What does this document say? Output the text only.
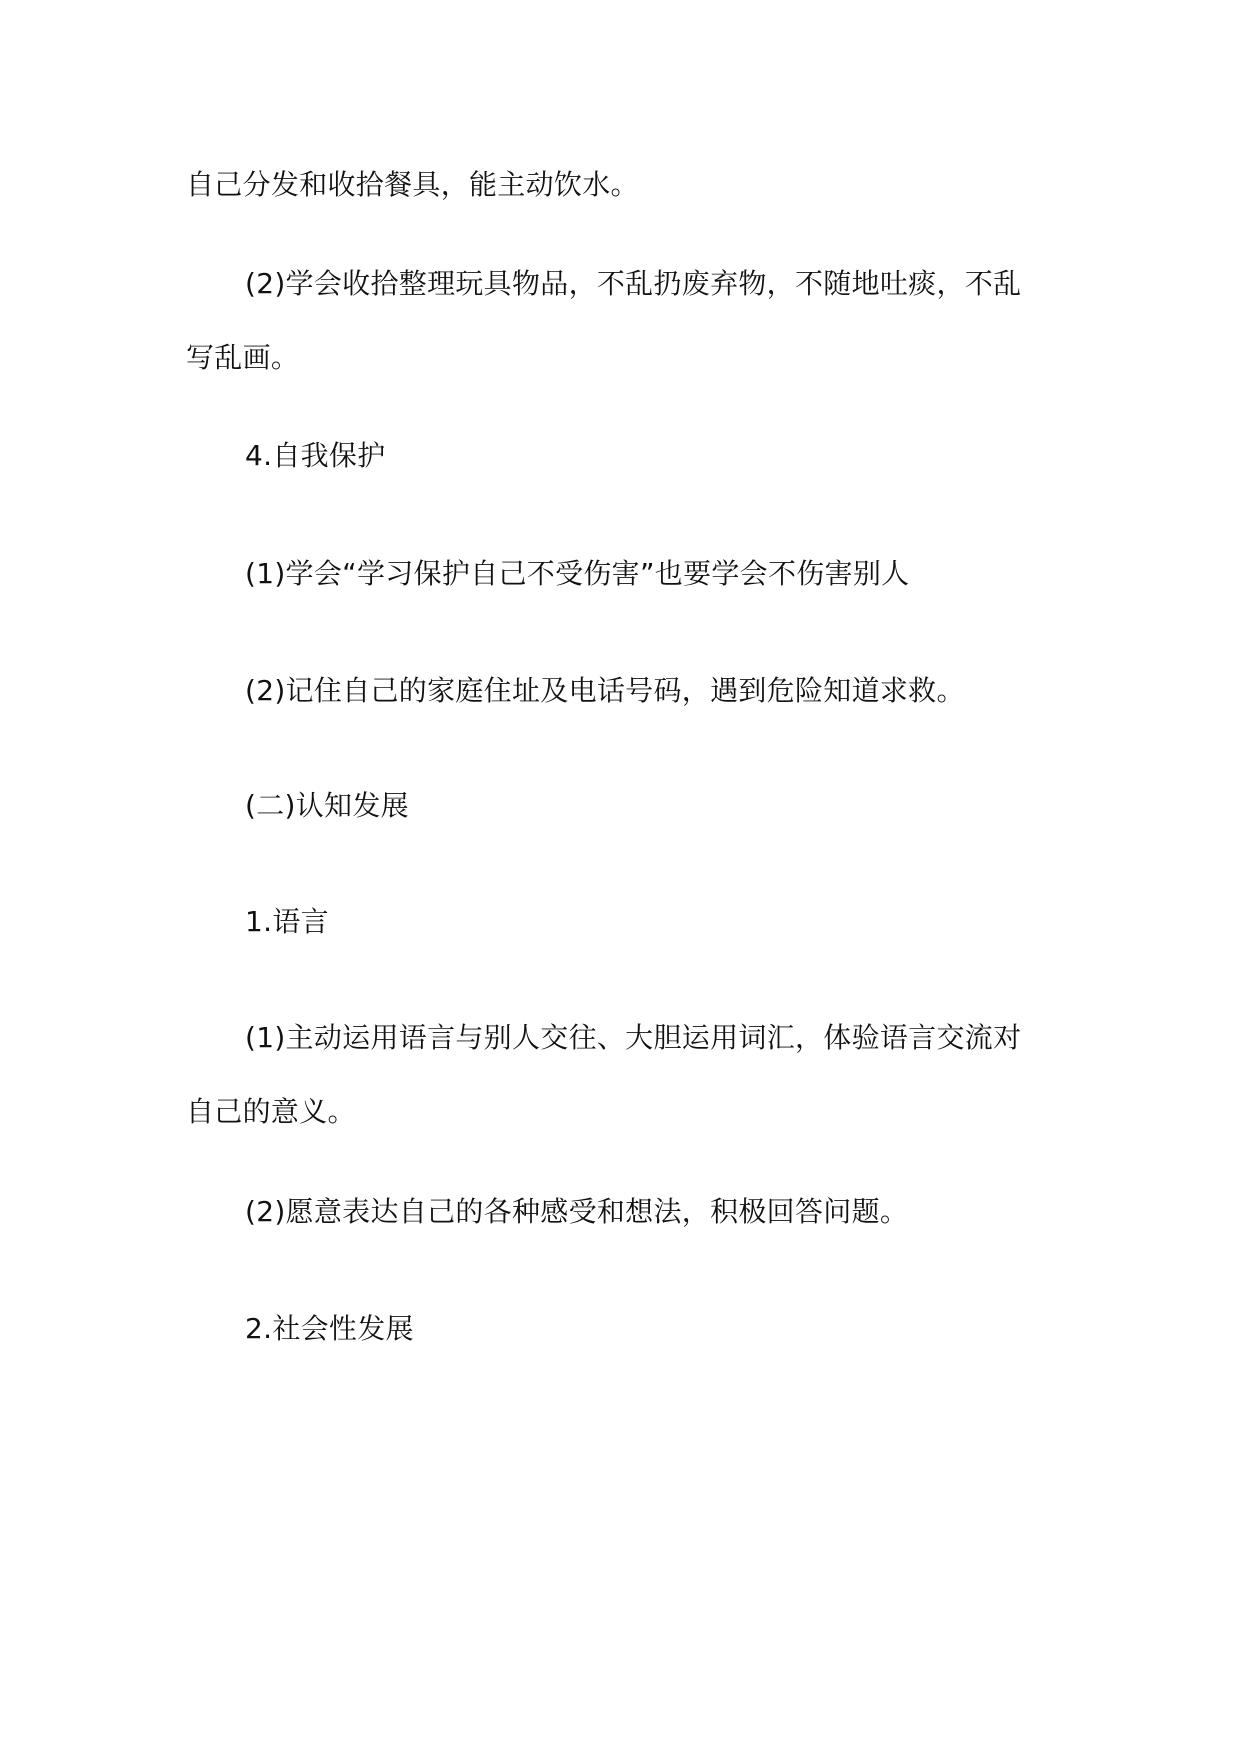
自己分发和收拾餐具，能主动饮水。

(2)学会收拾整理玩具物品，不乱扔废弃物，不随地吐痰，不乱

写乱画。

4.自我保护

(1)学会“学习保护自己不受伤害”也要学会不伤害别人

(2)记住自己的家庭住址及电话号码，遇到危险知道求救。

(二)认知发展

1.语言

(1)主动运用语言与别人交往、大胆运用词汇，体验语言交流对

自己的意义。

(2)愿意表达自己的各种感受和想法，积极回答问题。

2.社会性发展
